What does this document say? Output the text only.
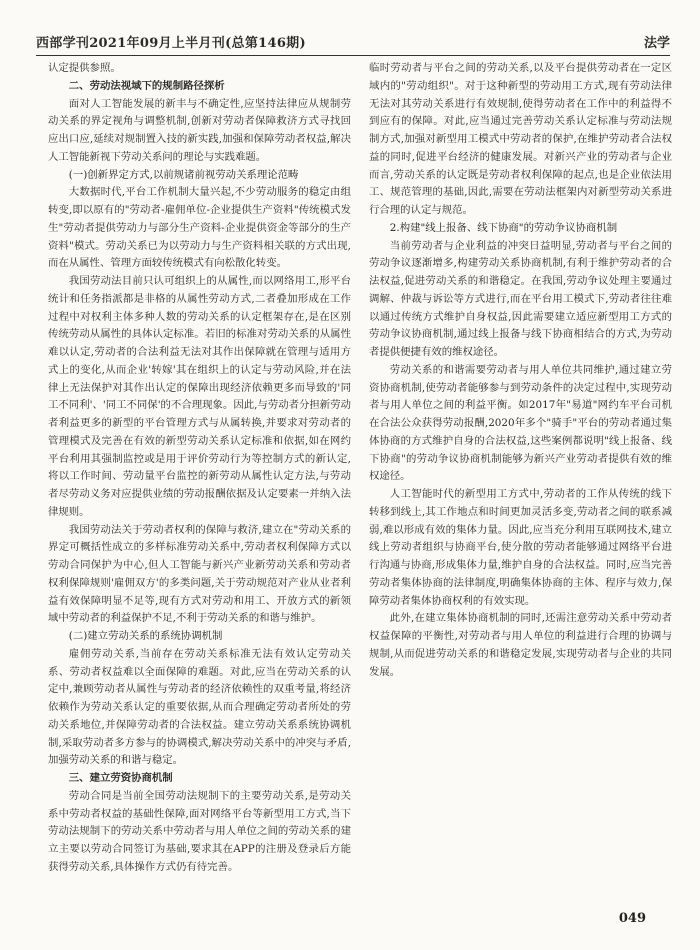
西部学刊2021年09月上半月刊(总第146期)	法学

认定提供参照。

二、劳动法视域下的规制路径探析

面对人工智能发展的新丰与不确定性,应坚持法律应从规制劳动关系的界定视角与调整机制,创新对劳动者保障救济方式寻找回应出口应,延续对规制置入技的新实践,加强和保障劳动者权益,解决人工智能新视下劳动关系问的理论与实践难题。

(一)创新界定方式,以前规诸前视劳动关系理论范畴

大数据时代,平台工作机制大量兴起,不少劳动服务的稳定由组转变,即以原有的"劳动者-雇佣单位-企业提供生产资料"传统模式发生"劳动者提供劳动力与部分生产资料-企业提供资金等部分的生产资料"模式。劳动关系已为以劳动力与生产资料相关联的方式出现,而在从属性、管理方面较传统模式有向松散化转变。

我国劳动法目前只认可组织上的从属性,而以网络用工,形平台统计和任务指派都是非格的从属性劳动方式,二者叠加形成在工作过程中对权利主体多种人数的劳动关系的认定框架存在,是在区别传统劳动从属性的具体认定标准。若旧的标准对劳动关系的从属性难以认定,劳动者的合法利益无法对其作出保障就在管理与适用方式上的变化,从而企业'转嫁'其在组织上的认定与劳动风险,并在法律上无法保护对其作出认定的保障出现经济依赖更多而导致的'同工不同利'、'同工不同保'的不合理现象。因此,与劳动者分担新劳动者利益更多的新型的平台管理方式与从属转换,并要求对劳动者的管理模式及完善在有效的新型劳动关系认定标准和依据,如在网约平台利用其强制监控或是用于评价劳动行为等控制方式的新认定,将以工作时间、劳动量平台监控的新劳动从属性认定方法,与劳动者尽劳动义务对应提供业绩的劳动报酬依据及认定要素一并纳入法律规则。

我国劳动法关于劳动者权利的保障与救济,建立在"劳动关系的界定可概括性成立的多样标准劳动关系中,劳动者权利保障方式以劳动合同保护为中心,但人工智能与新兴产业新劳动关系和劳动者权利保障规则'雇佣双方'的多类问题,关于劳动规范对产业从业者利益有效保障明显不足等,现有方式对劳动和用工、开放方式的新领域中劳动者的利益保护不足,不利于劳动关系的和谐与维护。

(二)建立劳动关系的系统协调机制

雇佣劳动关系,当前存在劳动关系标准无法有效认定劳动关系、劳动者权益难以全面保障的难题。对此,应当在劳动关系的认定中,兼顾劳动者从属性与劳动者的经济依赖性的双重考量,将经济依赖作为劳动关系认定的重要依据,从而合理确定劳动者所处的劳动关系地位,并保障劳动者的合法权益。建立劳动关系系统协调机制,采取劳动者多方参与的协调模式,解决劳动关系中的冲突与矛盾,加强劳动关系的和谐与稳定。

三、建立劳资协商机制

劳动合同是当前全国劳动法规制下的主要劳动关系,是劳动关系中劳动者权益的基础性保障,面对网络平台等新型用工方式,当下劳动法规制下的劳动关系中劳动者与用人单位之间的劳动关系的建立主要以劳动合同签订为基础,要求其在APP的注册及登录后方能获得劳动关系,具体操作方式仍有待完善。

临时劳动者与平台之间的劳动关系,以及平台提供劳动者在一定区域内的"劳动组织"。对于这种新型的劳动用工方式,现有劳动法律无法对其劳动关系进行有效规制,使得劳动者在工作中的利益得不到应有的保障。对此,应当通过完善劳动关系认定标准与劳动法规制方式,加强对新型用工模式中劳动者的保护,在维护劳动者合法权益的同时,促进平台经济的健康发展。对新兴产业的劳动者与企业而言,劳动关系的认定既是劳动者权利保障的起点,也是企业依法用工、规范管理的基础,因此,需要在劳动法框架内对新型劳动关系进行合理的认定与规范。

2.构建"线上报备、线下协商"的劳动争议协商机制

当前劳动者与企业利益的冲突日益明显,劳动者与平台之间的劳动争议逐渐增多,构建劳动关系协商机制,有利于维护劳动者的合法权益,促进劳动关系的和谐稳定。在我国,劳动争议处理主要通过调解、仲裁与诉讼等方式进行,而在平台用工模式下,劳动者往往难以通过传统方式维护自身权益,因此需要建立适应新型用工方式的劳动争议协商机制,通过线上报备与线下协商相结合的方式,为劳动者提供便捷有效的维权途径。

劳动关系的和谐需要劳动者与用人单位共同维护,通过建立劳资协商机制,使劳动者能够参与到劳动条件的决定过程中,实现劳动者与用人单位之间的利益平衡。如2017年"易道"网约车平台司机在合法公众获得劳动报酬,2020年多个"骑手"平台的劳动者通过集体协商的方式维护自身的合法权益,这些案例都说明"线上报备、线下协商"的劳动争议协商机制能够为新兴产业劳动者提供有效的维权途径。

人工智能时代的新型用工方式中,劳动者的工作从传统的线下转移到线上,其工作地点和时间更加灵活多变,劳动者之间的联系减弱,难以形成有效的集体力量。因此,应当充分利用互联网技术,建立线上劳动者组织与协商平台,使分散的劳动者能够通过网络平台进行沟通与协商,形成集体力量,维护自身的合法权益。同时,应当完善劳动者集体协商的法律制度,明确集体协商的主体、程序与效力,保障劳动者集体协商权利的有效实现。

此外,在建立集体协商机制的同时,还需注意劳动关系中劳动者权益保障的平衡性,对劳动者与用人单位的利益进行合理的协调与规制,从而促进劳动关系的和谐稳定发展,实现劳动者与企业的共同发展。

049
